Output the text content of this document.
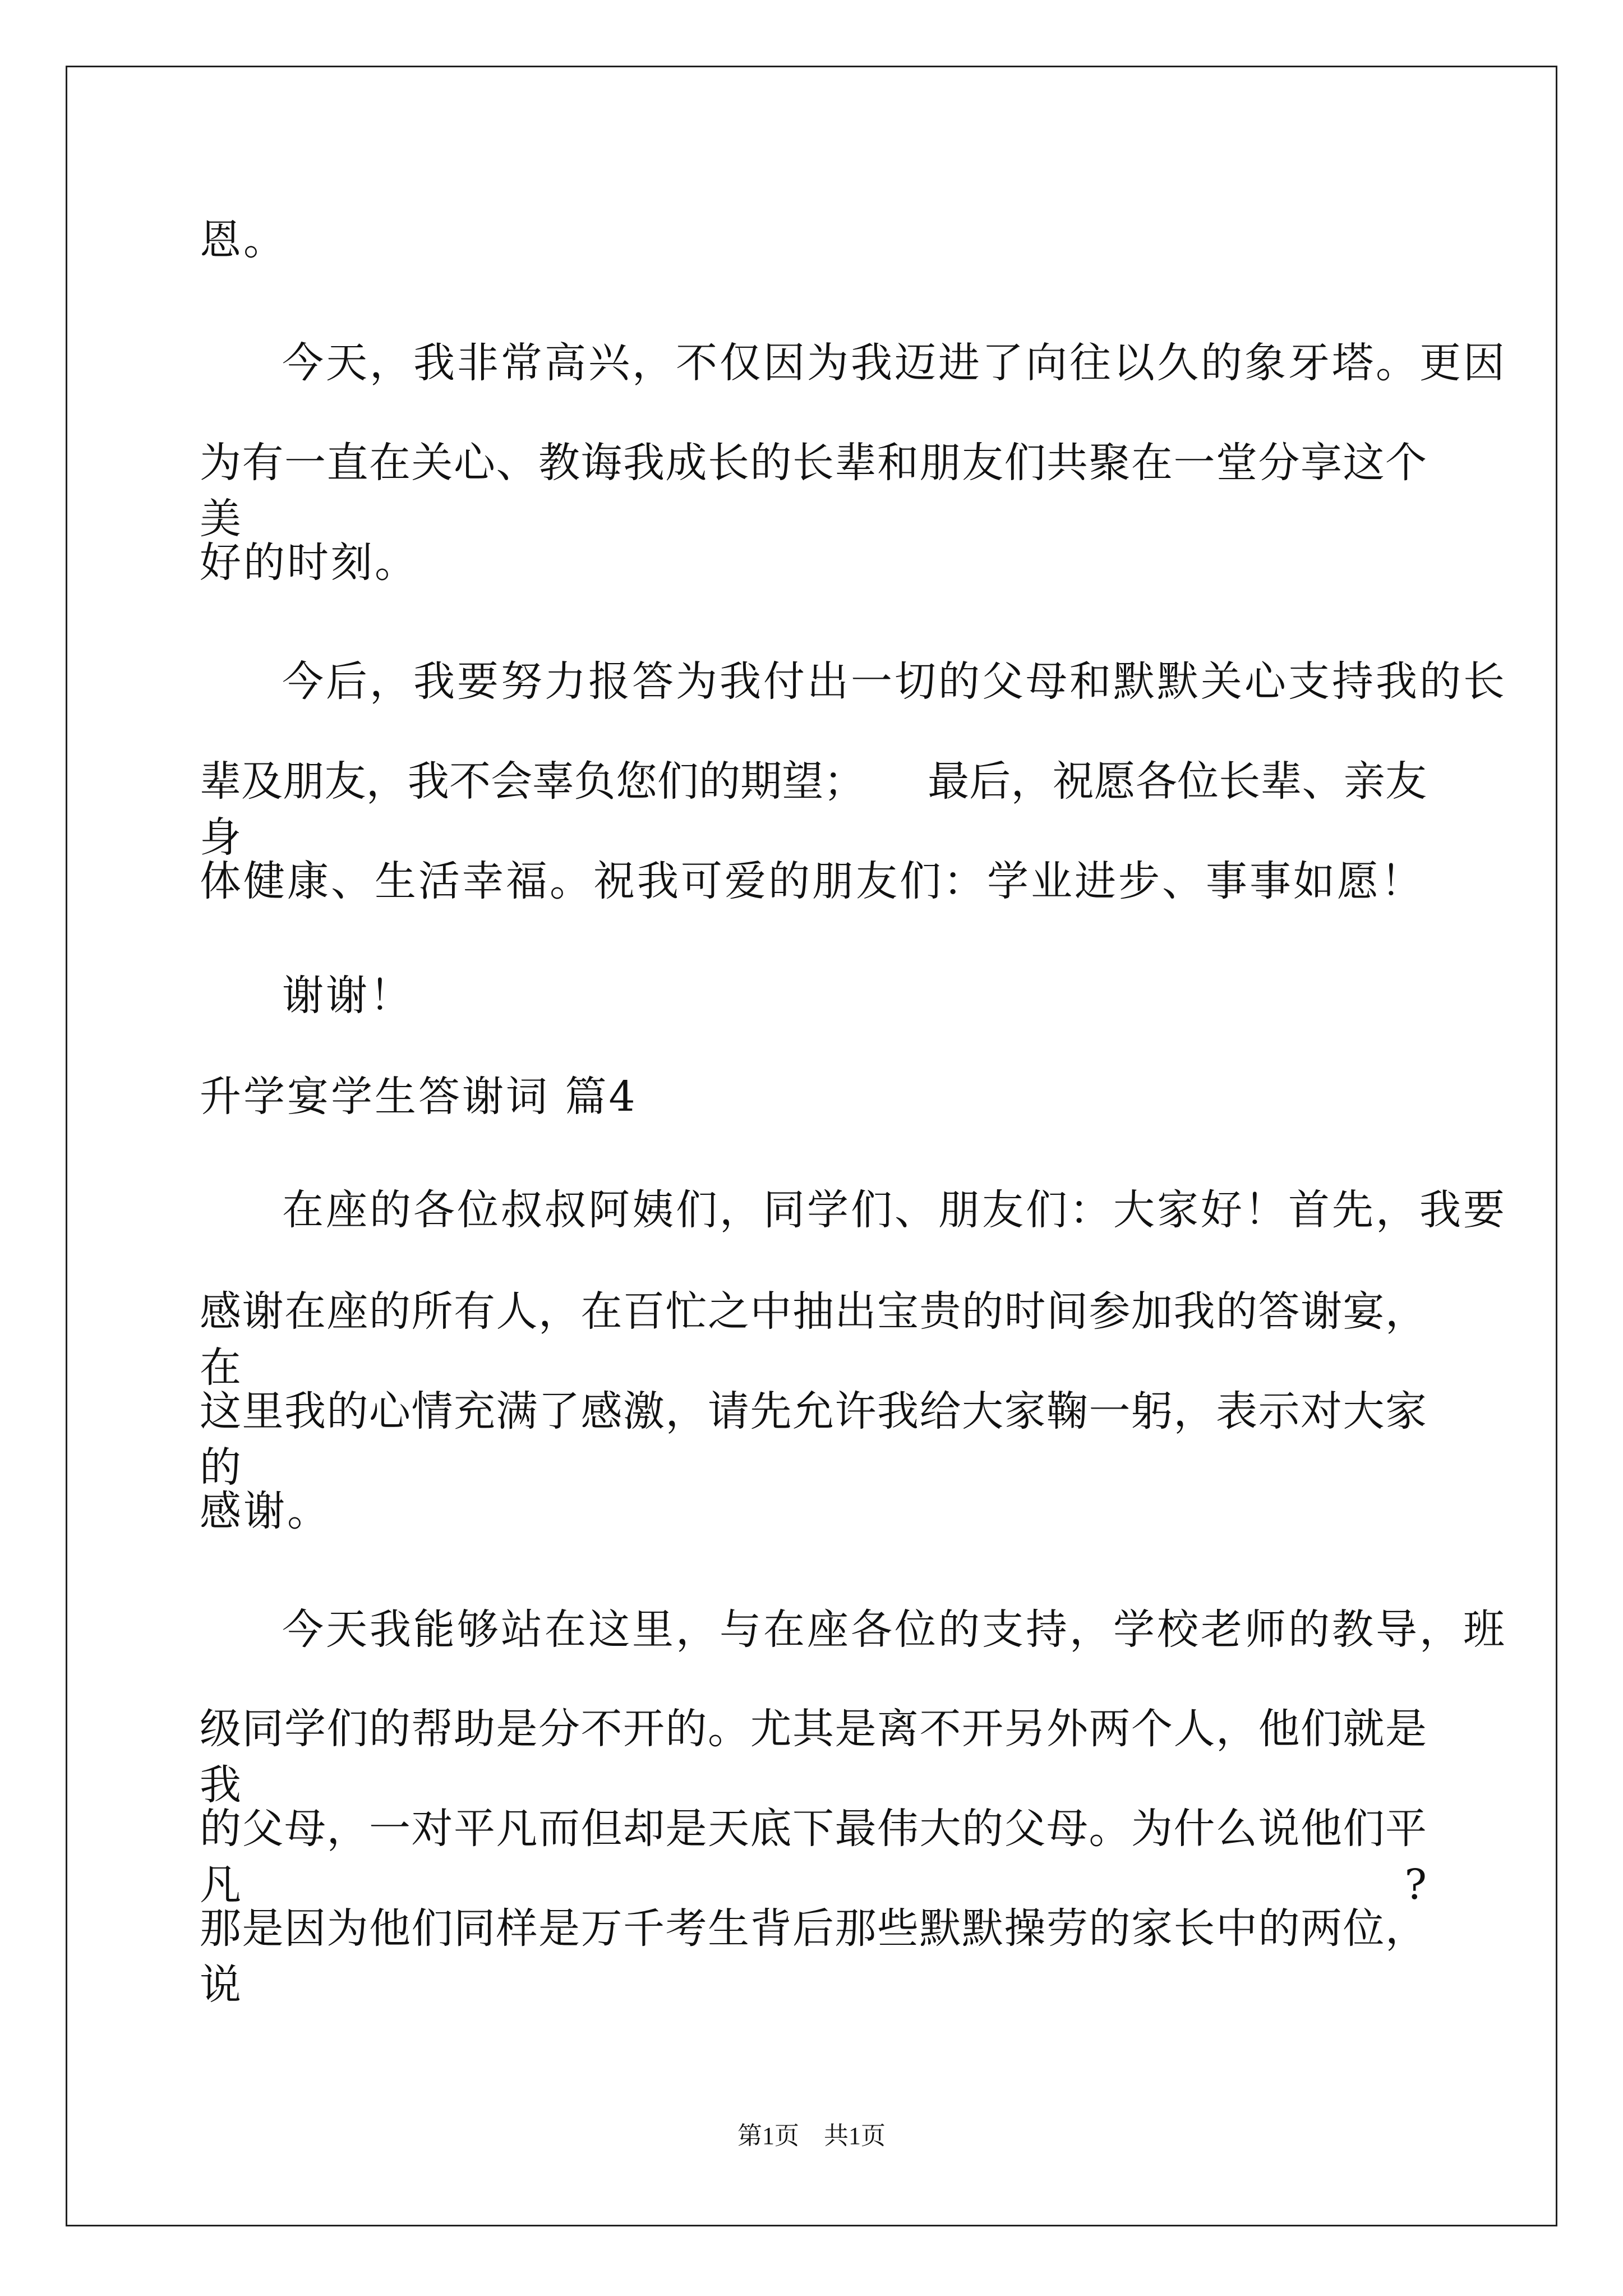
恩。
今天，我非常高兴，不仅因为我迈进了向往以久的象牙塔。更因
为有一直在关心、教诲我成长的长辈和朋友们共聚在一堂分享这个美
好的时刻。
今后，我要努力报答为我付出一切的父母和默默关心支持我的长
辈及朋友，我不会辜负您们的期望；　　最后，祝愿各位长辈、亲友身
体健康、生活幸福。祝我可爱的朋友们：学业进步、事事如愿！
谢谢！
升学宴学生答谢词 篇4
在座的各位叔叔阿姨们，同学们、朋友们：大家好！首先，我要
感谢在座的所有人，在百忙之中抽出宝贵的时间参加我的答谢宴，在
这里我的心情充满了感激，请先允许我给大家鞠一躬，表示对大家的
感谢。
今天我能够站在这里，与在座各位的支持，学校老师的教导，班
级同学们的帮助是分不开的。尤其是离不开另外两个人，他们就是我
的父母，一对平凡而但却是天底下最伟大的父母。为什么说他们平凡?
那是因为他们同样是万千考生背后那些默默操劳的家长中的两位，说
第1页　共1页
